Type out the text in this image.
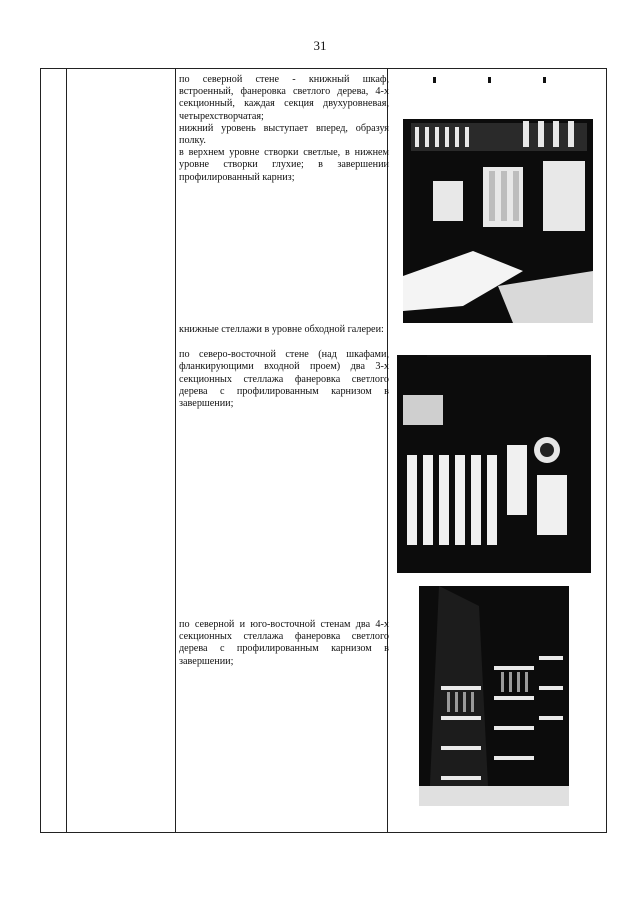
31

по северной стене - книжный шкаф, встроенный, фанеровка светлого дерева, 4-х секционный, каждая секция двухуровневая, четырехстворчатая;

нижний уровень выступает вперед, образуя полку.

в верхнем уровне створки светлые, в нижнем уровне створки глухие; в завершении профилированный карниз;

книжные стеллажи в уровне обходной галереи:

по северо-восточной стене (над шкафами, фланкирующими входной проем) два 3-х секционных стеллажа фанеровка светлого дерева с профилированным карнизом в завершении;

по северной и юго-восточной стенам два 4-х секционных стеллажа фанеровка светлого дерева с профилированным карнизом в завершении;
